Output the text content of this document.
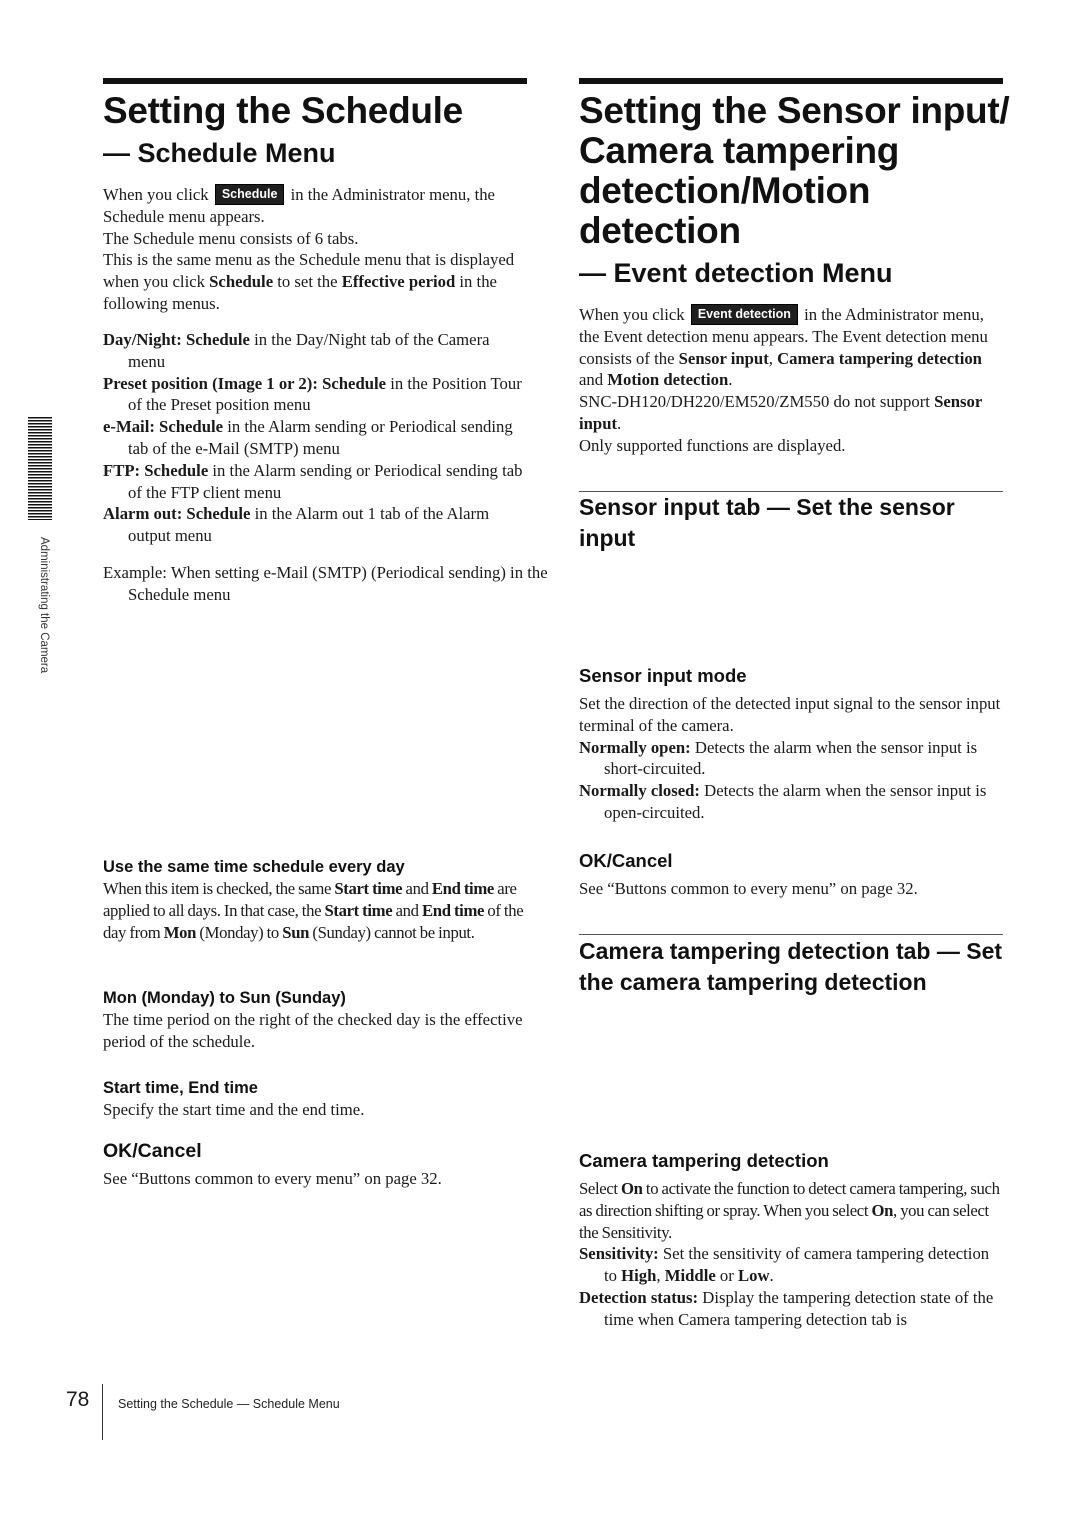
Setting the Schedule
— Schedule Menu

When you click Schedule in the Administrator menu, the Schedule menu appears.

The Schedule menu consists of 6 tabs.

This is the same menu as the Schedule menu that is displayed when you click Schedule to set the Effective period in the following menus.

Day/Night: Schedule in the Day/Night tab of the Camera menu

Preset position (Image 1 or 2): Schedule in the Position Tour of the Preset position menu

e-Mail: Schedule in the Alarm sending or Periodical sending tab of the e-Mail (SMTP) menu

FTP: Schedule in the Alarm sending or Periodical sending tab of the FTP client menu

Alarm out: Schedule in the Alarm out 1 tab of the Alarm output menu

Example: When setting e-Mail (SMTP) (Periodical sending) in the Schedule menu
Use the same time schedule every day

When this item is checked, the same Start time and End time are applied to all days. In that case, the Start time and End time of the day from Mon (Monday) to Sun (Sunday) cannot be input.

Mon (Monday) to Sun (Sunday)
The time period on the right of the checked day is the effective period of the schedule.
Start time, End time
Specify the start time and the end time.
OK/Cancel
See “Buttons common to every menu” on page 32.
Setting the Sensor input/
Camera tampering
detection/Motion
detection
— Event detection Menu

When you click Event detection in the Administrator menu, the Event detection menu appears. The Event detection menu consists of the Sensor input, Camera tampering detection and Motion detection.

SNC-DH120/DH220/EM520/ZM550 do not support Sensor input.

Only supported functions are displayed.

Sensor input tab — Set the sensor input
Sensor input mode

Set the direction of the detected input signal to the sensor input terminal of the camera.

Normally open: Detects the alarm when the sensor input is short-circuited.

Normally closed: Detects the alarm when the sensor input is open-circuited.

OK/Cancel
See “Buttons common to every menu” on page 32.
Camera tampering detection tab — Set the camera tampering detection
Camera tampering detection

Select On to activate the function to detect camera tampering, such as direction shifting or spray. When you select On, you can select the Sensitivity.

Sensitivity: Set the sensitivity of camera tampering detection to High, Middle or Low.

Detection status: Display the tampering detection state of the time when Camera tampering detection tab is

Administrating the Camera
78 Setting the Schedule — Schedule Menu
